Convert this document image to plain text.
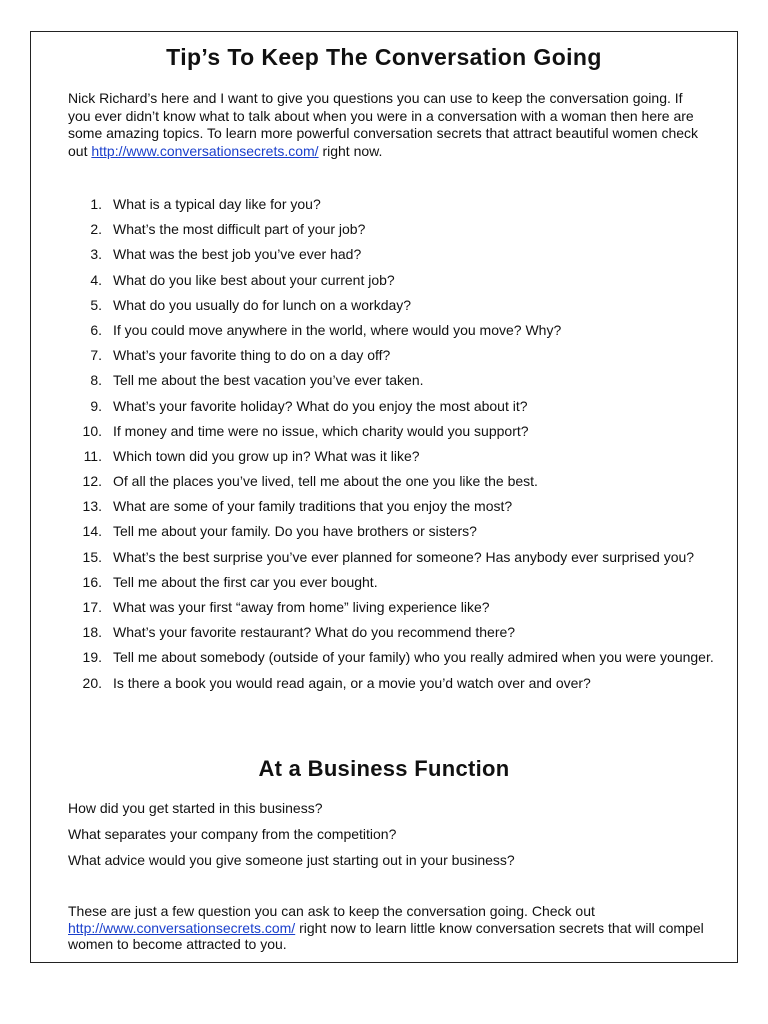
Tip’s To Keep The Conversation Going

Nick Richard’s here and I want to give you questions you can use to keep the conversation going. If you ever didn’t know what to talk about when you were in a conversation with a woman then here are some amazing topics. To learn more powerful conversation secrets that attract beautiful women check out http://www.conversationsecrets.com/ right now.

1. What is a typical day like for you?
2. What’s the most difficult part of your job?
3. What was the best job you’ve ever had?
4. What do you like best about your current job?
5. What do you usually do for lunch on a workday?
6. If you could move anywhere in the world, where would you move? Why?
7. What’s your favorite thing to do on a day off?
8. Tell me about the best vacation you’ve ever taken.
9. What’s your favorite holiday? What do you enjoy the most about it?
10. If money and time were no issue, which charity would you support?
11. Which town did you grow up in? What was it like?
12. Of all the places you’ve lived, tell me about the one you like the best.
13. What are some of your family traditions that you enjoy the most?
14. Tell me about your family. Do you have brothers or sisters?
15. What’s the best surprise you’ve ever planned for someone? Has anybody ever surprised you?
16. Tell me about the first car you ever bought.
17. What was your first “away from home” living experience like?
18. What’s your favorite restaurant? What do you recommend there?
19. Tell me about somebody (outside of your family) who you really admired when you were younger.
20. Is there a book you would read again, or a movie you’d watch over and over?
At a Business Function
How did you get started in this business?
What separates your company from the competition?
What advice would you give someone just starting out in your business?

These are just a few question you can ask to keep the conversation going. Check out http://www.conversationsecrets.com/ right now to learn little know conversation secrets that will compel women to become attracted to you.
